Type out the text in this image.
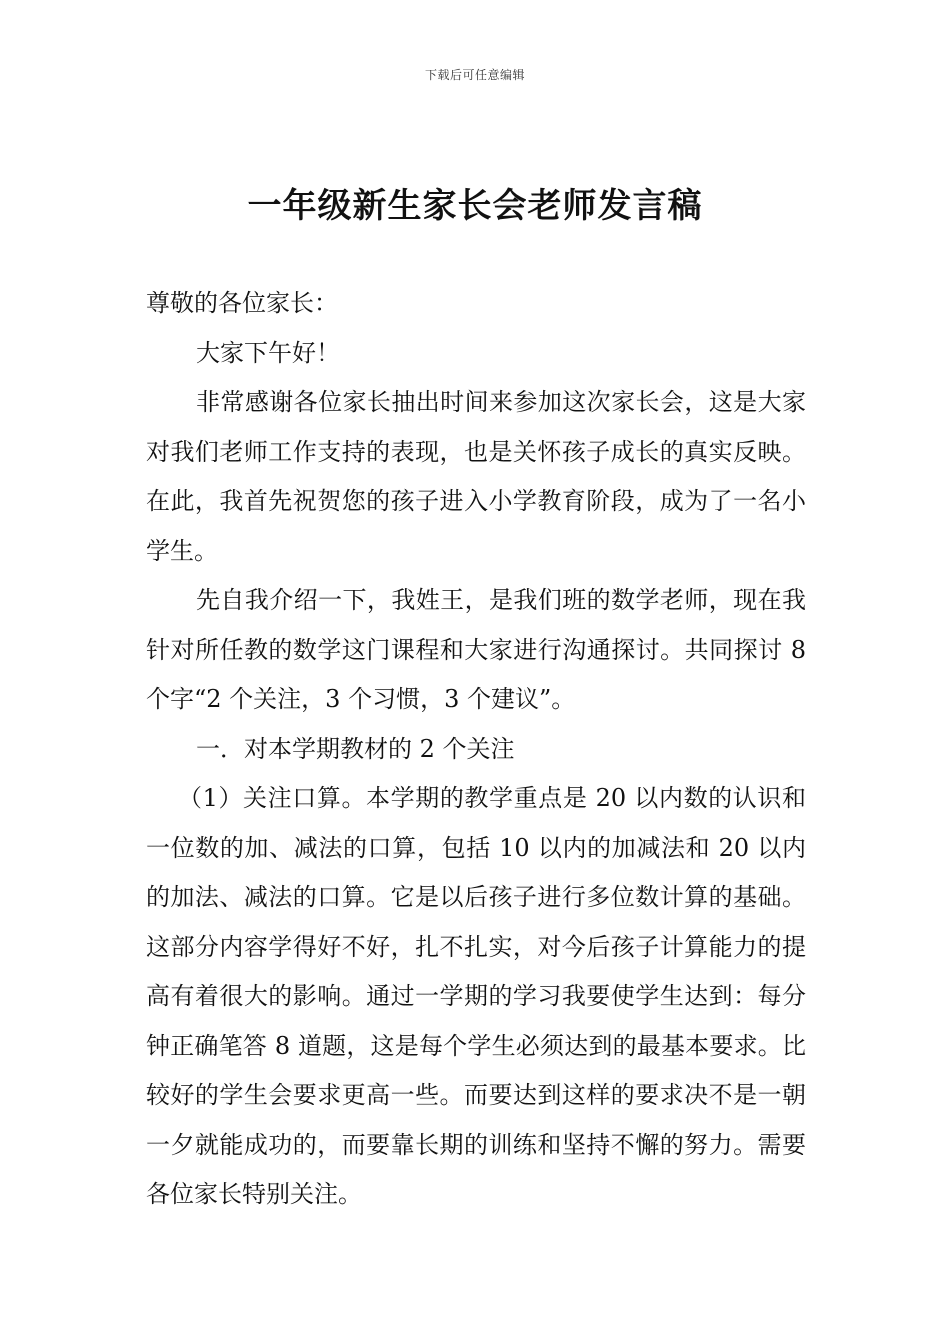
下载后可任意编辑
一年级新生家长会老师发言稿

尊敬的各位家长：

大家下午好！

非常感谢各位家长抽出时间来参加这次家长会，这是大家对我们老师工作支持的表现，也是关怀孩子成长的真实反映。在此，我首先祝贺您的孩子进入小学教育阶段，成为了一名小学生。

先自我介绍一下，我姓王，是我们班的数学老师，现在我针对所任教的数学这门课程和大家进行沟通探讨。共同探讨 8 个字“2 个关注，3 个习惯，3 个建议”。

一．对本学期教材的 2 个关注

（1）关注口算。本学期的教学重点是 20 以内数的认识和一位数的加、减法的口算，包括 10 以内的加减法和 20 以内的加法、减法的口算。它是以后孩子进行多位数计算的基础。这部分内容学得好不好，扎不扎实，对今后孩子计算能力的提高有着很大的影响。通过一学期的学习我要使学生达到：每分钟正确笔答 8 道题，这是每个学生必须达到的最基本要求。比较好的学生会要求更高一些。而要达到这样的要求决不是一朝一夕就能成功的，而要靠长期的训练和坚持不懈的努力。需要各位家长特别关注。
